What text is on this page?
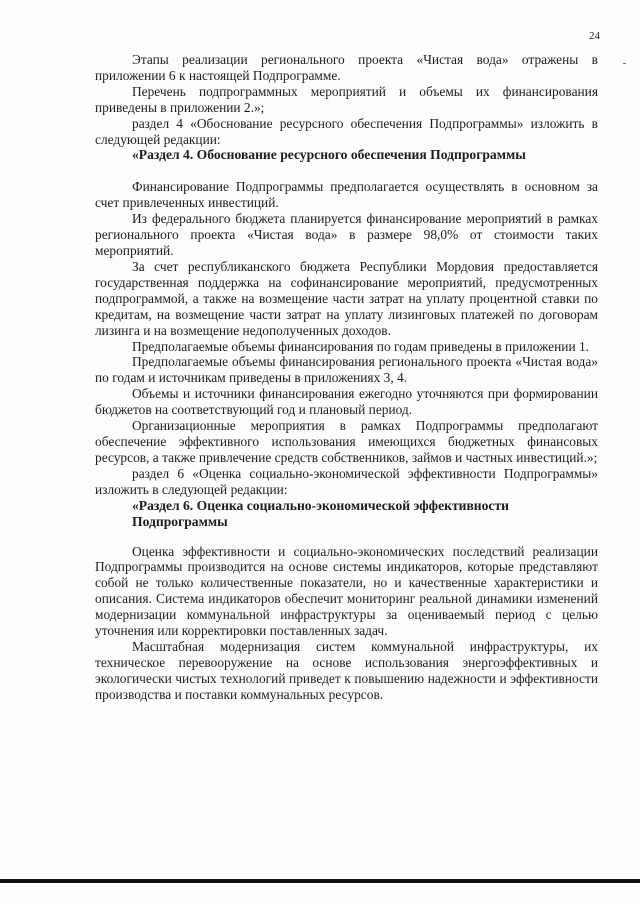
24

Этапы реализации регионального проекта «Чистая вода» отражены в приложении 6 к настоящей Подпрограмме.

Перечень подпрограммных мероприятий и объемы их финансирования приведены в приложении 2.»;

раздел 4 «Обоснование ресурсного обеспечения Подпрограммы» изложить в следующей редакции:

«Раздел 4. Обоснование ресурсного обеспечения Подпрограммы

Финансирование Подпрограммы предполагается осуществлять в основном за счет привлеченных инвестиций.

Из федерального бюджета планируется финансирование мероприятий в рамках регионального проекта «Чистая вода» в размере 98,0% от стоимости таких мероприятий.

За счет республиканского бюджета Республики Мордовия предоставляется государственная поддержка на софинансирование мероприятий, предусмотренных подпрограммой, а также на возмещение части затрат на уплату процентной ставки по кредитам, на возмещение части затрат на уплату лизинговых платежей по договорам лизинга и на возмещение недополученных доходов.

Предполагаемые объемы финансирования по годам приведены в приложении 1.

Предполагаемые объемы финансирования регионального проекта «Чистая вода» по годам и источникам приведены в приложениях 3, 4.

Объемы и источники финансирования ежегодно уточняются при формировании бюджетов на соответствующий год и плановый период.

Организационные мероприятия в рамках Подпрограммы предполагают обеспечение эффективного использования имеющихся бюджетных финансовых ресурсов, а также привлечение средств собственников, займов и частных инвестиций.»;

раздел 6 «Оценка социально-экономической эффективности Подпрограммы» изложить в следующей редакции:

«Раздел 6. Оценка социально-экономической эффективности

Подпрограммы

Оценка эффективности и социально-экономических последствий реализации Подпрограммы производится на основе системы индикаторов, которые представляют собой не только количественные показатели, но и качественные характеристики и описания. Система индикаторов обеспечит мониторинг реальной динамики изменений модернизации коммунальной инфраструктуры за оцениваемый период с целью уточнения или корректировки поставленных задач.

Масштабная модернизация систем коммунальной инфраструктуры, их техническое перевооружение на основе использования энергоэффективных и экологически чистых технологий приведет к повышению надежности и эффективности производства и поставки коммунальных ресурсов.
